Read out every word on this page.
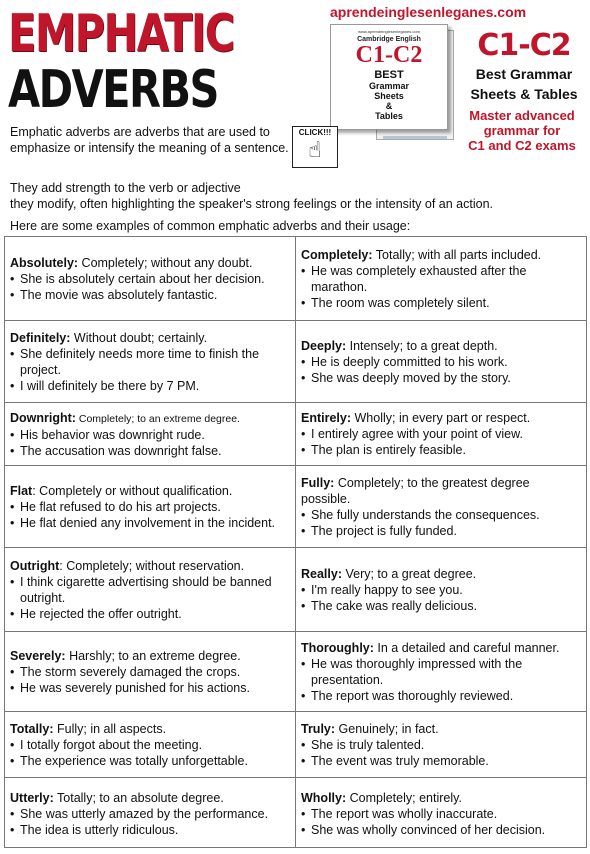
EMPHATIC
ADVERBS
aprendeinglesenleganes.com
www.aprendeinglesenleganes.com
Cambridge English
C1-C2
BEST
Grammar
Sheets
&
Tables
CLICK!!!
☝
C1-C2
Best Grammar
Sheets & Tables
Master advanced
grammar for
C1 and C2 exams
Emphatic adverbs are adverbs that are used to emphasize or intensify the meaning of a sentence.
They add strength to the verb or adjective
they modify, often highlighting the speaker's strong feelings or the intensity of an action.
Here are some examples of common emphatic adverbs and their usage:
Absolutely: Completely; without any doubt.
• She is absolutely certain about her decision.
• The movie was absolutely fantastic.
Definitely: Without doubt; certainly.
• She definitely needs more time to finish the project.
• I will definitely be there by 7 PM.
Downright: Completely; to an extreme degree.
• His behavior was downright rude.
• The accusation was downright false.
Flat: Completely or without qualification.
• He flat refused to do his art projects.
• He flat denied any involvement in the incident.
Outright: Completely; without reservation.
• I think cigarette advertising should be banned outright.
• He rejected the offer outright.
Severely: Harshly; to an extreme degree.
• The storm severely damaged the crops.
• He was severely punished for his actions.
Totally: Fully; in all aspects.
• I totally forgot about the meeting.
• The experience was totally unforgettable.
Utterly: Totally; to an absolute degree.
• She was utterly amazed by the performance.
• The idea is utterly ridiculous.
Completely: Totally; with all parts included.
• He was completely exhausted after the marathon.
• The room was completely silent.
Deeply: Intensely; to a great depth.
• He is deeply committed to his work.
• She was deeply moved by the story.
Entirely: Wholly; in every part or respect.
• I entirely agree with your point of view.
• The plan is entirely feasible.
Fully: Completely; to the greatest degree possible.
• She fully understands the consequences.
• The project is fully funded.
Really: Very; to a great degree.
• I'm really happy to see you.
• The cake was really delicious.
Thoroughly: In a detailed and careful manner.
• He was thoroughly impressed with the presentation.
• The report was thoroughly reviewed.
Truly: Genuinely; in fact.
• She is truly talented.
• The event was truly memorable.
Wholly: Completely; entirely.
• The report was wholly inaccurate.
• She was wholly convinced of her decision.
